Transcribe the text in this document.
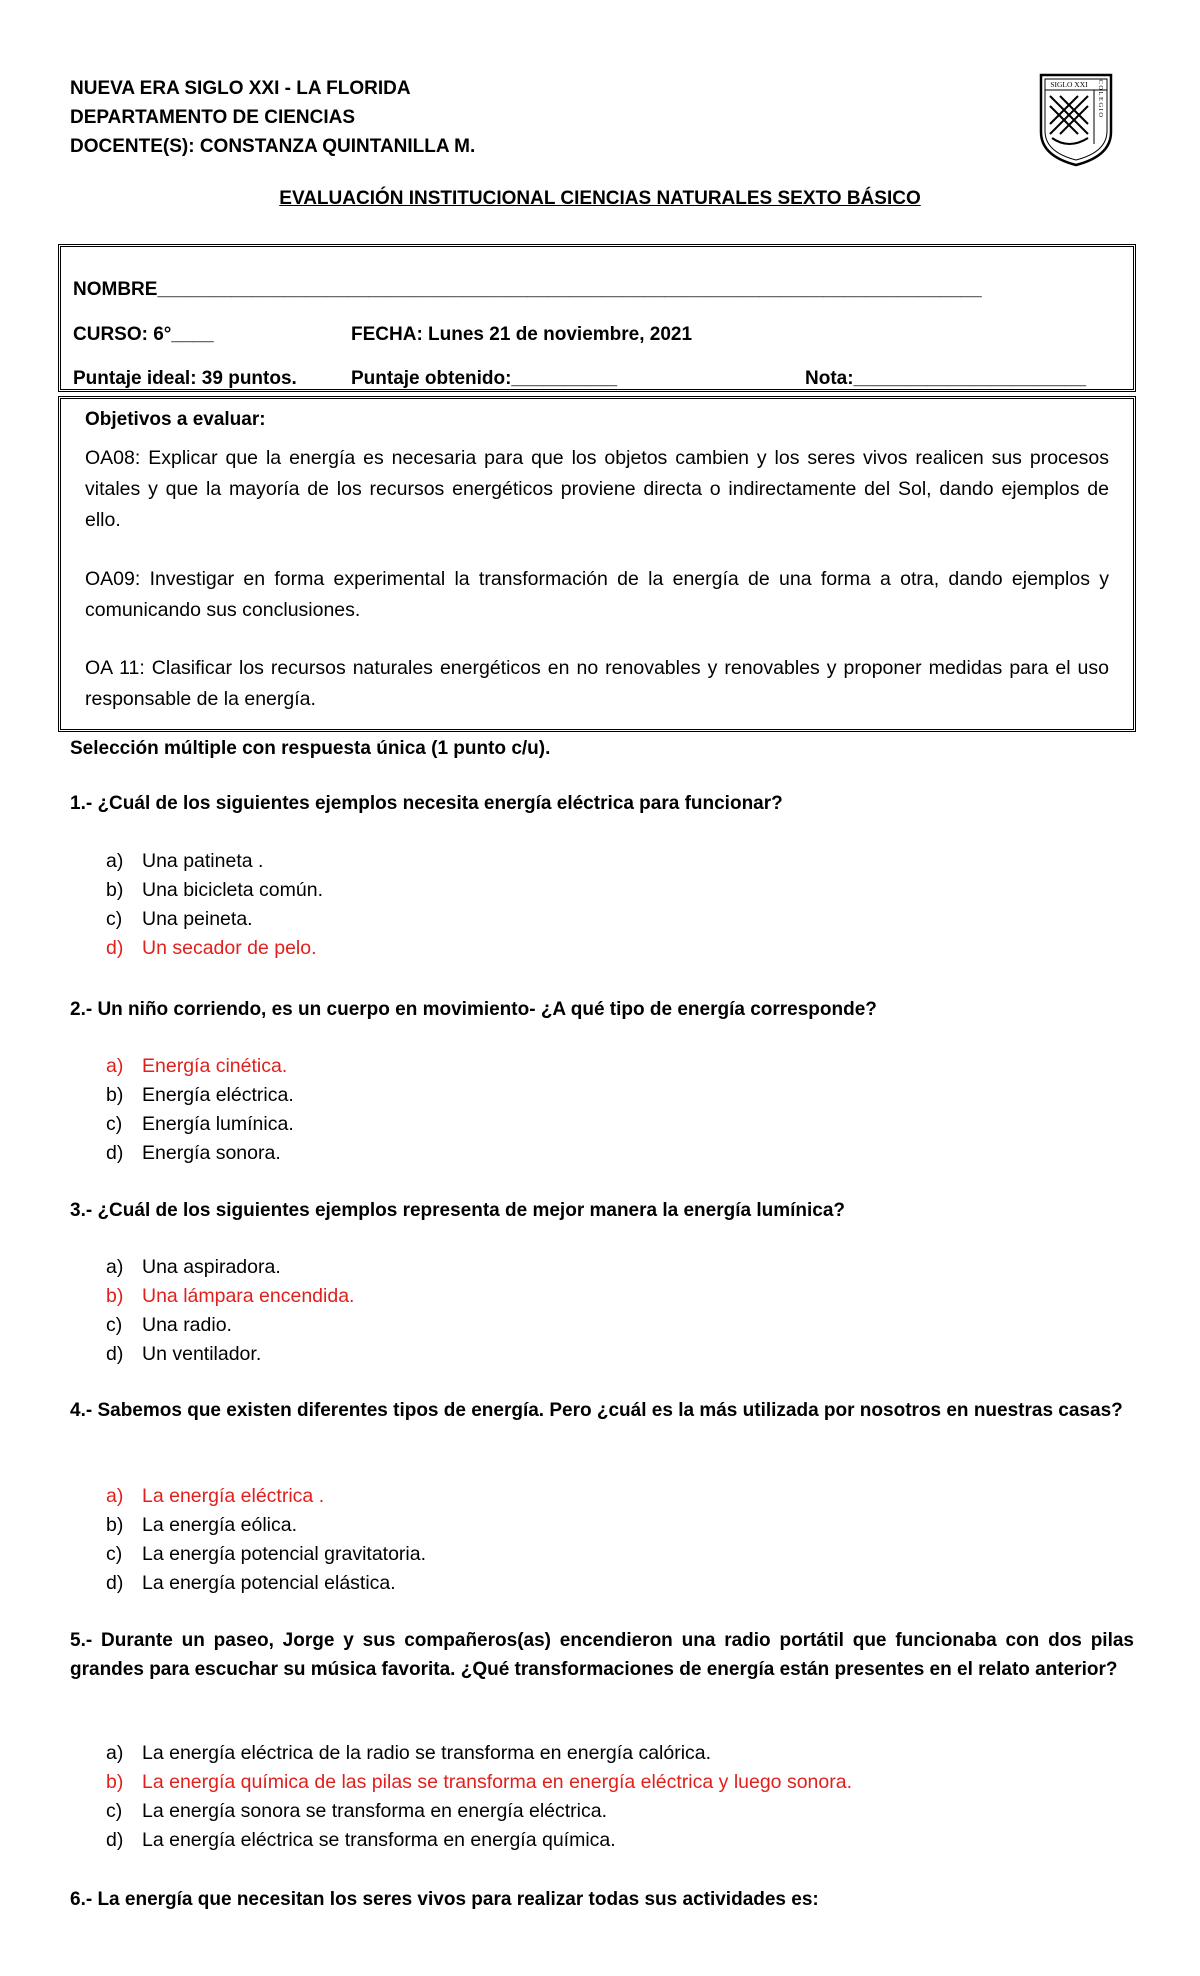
NUEVA ERA SIGLO XXI - LA FLORIDA
DEPARTAMENTO DE CIENCIAS
DOCENTE(S): CONSTANZA QUINTANILLA M.
SIGLO XXI COLEGIO
EVALUACIÓN INSTITUCIONAL CIENCIAS NATURALES SEXTO BÁSICO
NOMBRE______________________________________________________________________________
CURSO: 6°____	FECHA: Lunes 21 de noviembre, 2021
Puntaje ideal: 39 puntos.	Puntaje obtenido:__________	Nota:______________________
Objetivos a evaluar:

OA08: Explicar que la energía es necesaria para que los objetos cambien y los seres vivos realicen sus procesos vitales y que la mayoría de los recursos energéticos proviene directa o indirectamente del Sol, dando ejemplos de ello.

OA09: Investigar en forma experimental la transformación de la energía de una forma a otra, dando ejemplos y comunicando sus conclusiones.

OA 11: Clasificar los recursos naturales energéticos en no renovables y renovables y proponer medidas para el uso responsable de la energía.

Selección múltiple con respuesta única (1 punto c/u).

1.- ¿Cuál de los siguientes ejemplos necesita energía eléctrica para funcionar?

a) Una patineta .
b) Una bicicleta común.
c) Una peineta.
d) Un secador de pelo.

2.- Un niño corriendo, es un cuerpo en movimiento- ¿A qué tipo de energía corresponde?

a) Energía cinética.
b) Energía eléctrica.
c) Energía lumínica.
d) Energía sonora.

3.- ¿Cuál de los siguientes ejemplos representa de mejor manera la energía lumínica?

a) Una aspiradora.
b) Una lámpara encendida.
c) Una radio.
d) Un ventilador.

4.- Sabemos que existen diferentes tipos de energía. Pero ¿cuál es la más utilizada por nosotros en nuestras casas?

a) La energía eléctrica .
b) La energía eólica.
c) La energía potencial gravitatoria.
d) La energía potencial elástica.

5.- Durante un paseo, Jorge y sus compañeros(as) encendieron una radio portátil que funcionaba con dos pilas grandes para escuchar su música favorita. ¿Qué transformaciones de energía están presentes en el relato anterior?

a) La energía eléctrica de la radio se transforma en energía calórica.
b) La energía química de las pilas se transforma en energía eléctrica y luego sonora.
c) La energía sonora se transforma en energía eléctrica.
d) La energía eléctrica se transforma en energía química.

6.- La energía que necesitan los seres vivos para realizar todas sus actividades es:
